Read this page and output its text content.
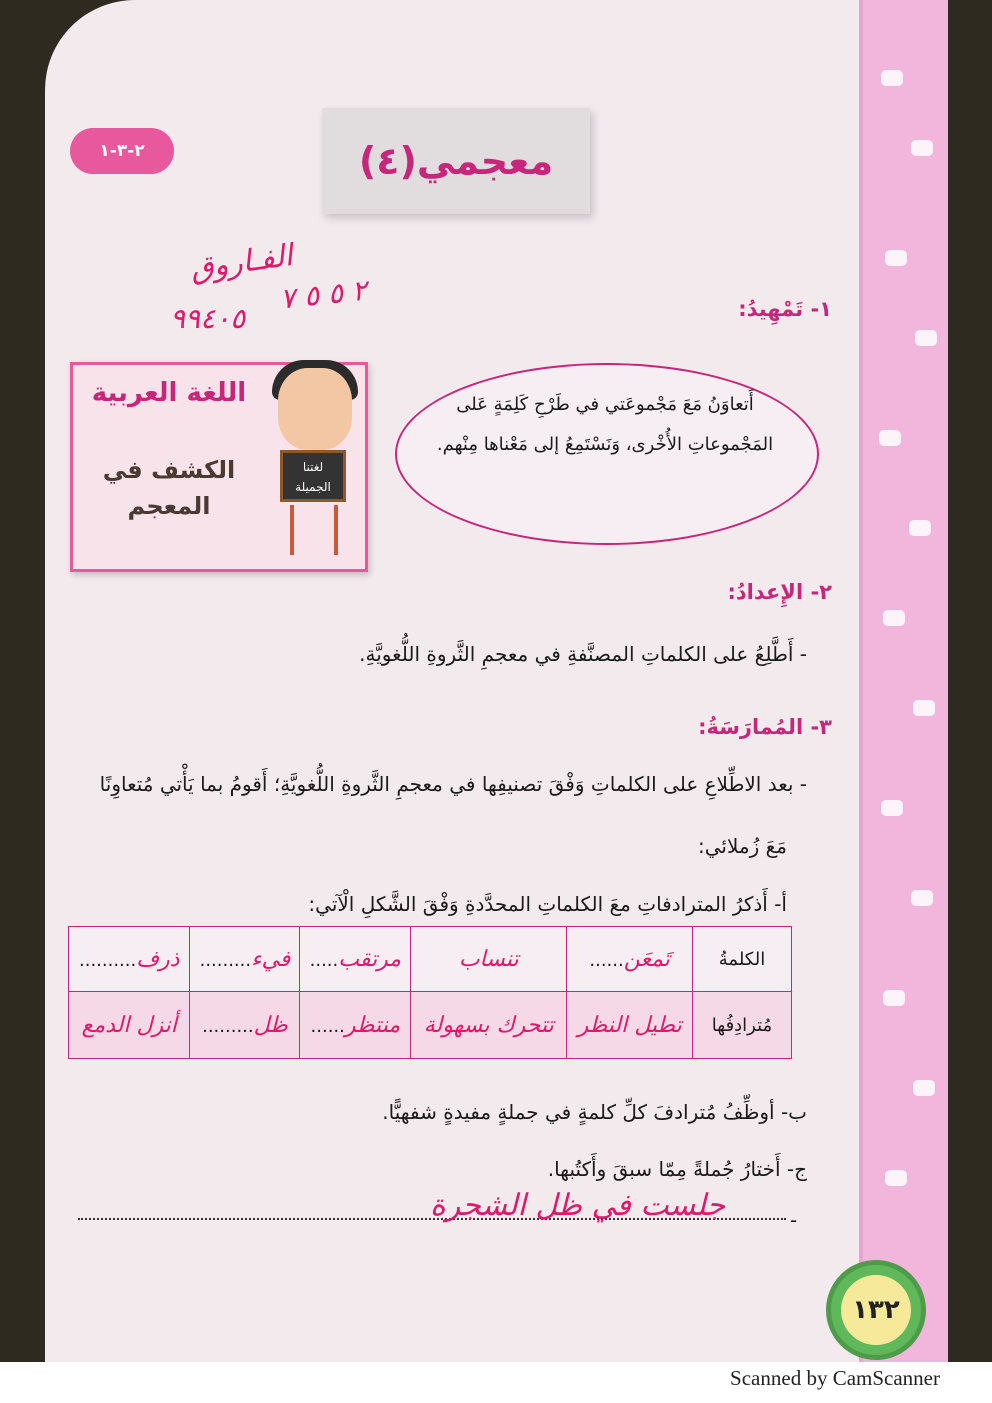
٢-٣-١	معجمي(٤)
الفـاروق
٢ ٥ ٥ ٧
٩٩٤٠٥	١- تَمْهِيدُ:
اللغة العربية
الكشف في
المعجم
لغتنا
الجميلة
أَتعاوَنُ مَعَ مَجْموعَتي في طَرْحِ كَلِمَةٍ عَلى المَجْموعاتِ الأُخْرى، وَنَسْتَمِعُ إلى مَعْناها مِنْهم.
٢- الإِعدادُ:
- أَطَّلِعُ على الكلماتِ المصنَّفةِ في معجمِ الثَّروةِ اللُّغويَّةِ.
٣- المُمارَسَةُ:
- بعد الاطِّلاعِ على الكلماتِ وَفْقَ تصنيفِها في معجمِ الثَّروةِ اللُّغويَّةِ؛ أَقومُ بما يَأْتي مُتعاوِنًا
مَعَ زُملائي:
أ- أَذكرُ المترادفاتِ معَ الكلماتِ المحدَّدةِ وَفْقَ الشَّكلِ الْآتي:
الكلمةُ	تَمعَن......	تنساب	مرتقب.....	فيء.........	ذرف..........
مُترادِفُها	تطيل النظر	تتحرك بسهولة	منتظر......	ظل.........	أنزل الدمع
ب- أوظِّفُ مُترادفَ كلِّ كلمةٍ في جملةٍ مفيدةٍ شفهيًّا.
ج- أَختارُ جُملةً مِمّا سبقَ وأَكتُبها.
-
جلست في ظل الشجرة
١٣٢
Scanned by CamScanner
